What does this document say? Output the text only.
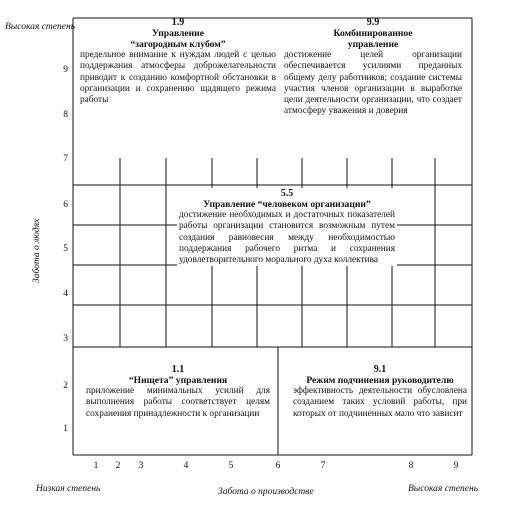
Высокая степень
Низкая степень	Высокая степень
Забота о производстве
Забота о людях
1	2	3	4	5	6	7	8	9
1
2
3
4
5
6
7
8
9
1.9
Управление
“загородным клубом”
предельное внимание к нуждам людей с целью поддержания атмосферы доброжелательности приводит к созданию комфортной обстановки в организации и сохранению щадящего режима работы
9.9
Комбинированное
управление
достижение целей организации обеспечивается усилиями преданных общему делу работников; создание системы участия членов организации в выработке цели деятельности организации, что создает атмосферу уважения и доверия
5.5
Управление “человеком организации”
достижение необходимых и достаточных показателей работы организации становится возможным путем создания равновесия между необходимостью поддержания рабочего ритма и сохранения удовлетворительного морального духа коллектива
1.1
“Нищета” управления
приложение минимальных усилий для выполнения работы соответствует целям сохранения принадлежности к организации
9.1
Режим подчинения руководителю
эффективность деятельности обусловлена созданием таких условий работы, при которых от подчиненных мало что зависит
